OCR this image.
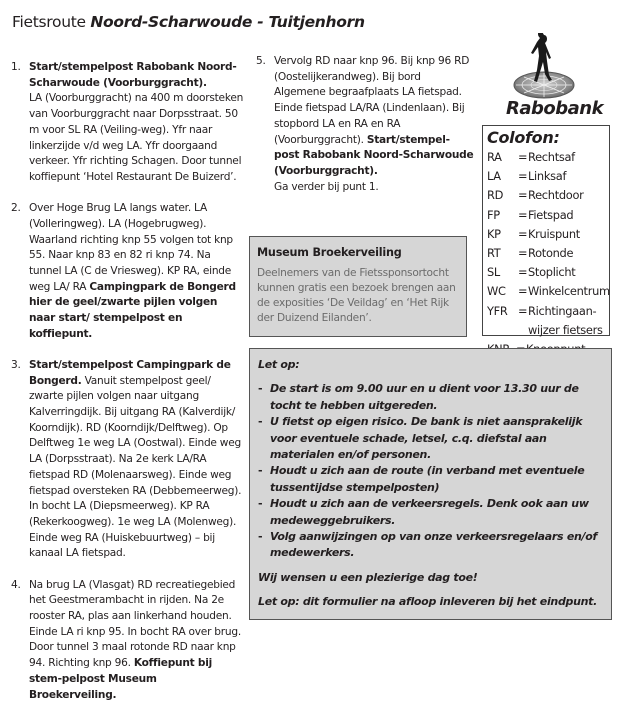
Fietsroute Noord-Scharwoude - Tuitjenhorn
1. Start/stempelpost Rabobank Noord-Scharwoude (Voorburggracht).
LA (Voorburggracht) na 400 m doorsteken van Voorburggracht naar Dorpsstraat. 50 m voor SL RA (Veiling-weg). Yfr naar linkerzijde v/d weg LA. Yfr doorgaand verkeer. Yfr richting Schagen. Door tunnel koffiepunt ‘Hotel Restaurant De Buizerd’.
2. Over Hoge Brug LA langs water. LA (Volleringweg). LA (Hogebrugweg). Waarland richting knp 55 volgen tot knp 55. Naar knp 83 en 82 ri knp 74. Na tunnel LA (C de Vriesweg). KP RA, einde weg LA/ RA Campingpark de Bongerd hier de geel/zwarte pijlen volgen naar start/ stempelpost en koffiepunt.
3. Start/stempelpost Campingpark de Bongerd. Vanuit stempelpost geel/ zwarte pijlen volgen naar uitgang Kalverringdijk. Bij uitgang RA (Kalverdijk/ Koorndijk). RD (Koorndijk/Delftweg). Op Delftweg 1e weg LA (Oostwal). Einde weg LA (Dorpsstraat). Na 2e kerk LA/RA fietspad RD (Molenaarsweg). Einde weg fietspad oversteken RA (Debbemeerweg). In bocht LA (Diepsmeerweg). KP RA (Rekerkoogweg). 1e weg LA (Molenweg). Einde weg RA (Huiskebuurtweg) – bij kanaal LA fietspad.
4. Na brug LA (Vlasgat) RD recreatiegebied het Geestmerambacht in rijden. Na 2e rooster RA, plas aan linkerhand houden. Einde LA ri knp 95. In bocht RA over brug. Door tunnel 3 maal rotonde RD naar knp 94. Richting knp 96. Koffiepunt bij stem-pelpost Museum Broekerveiling.
5. Vervolg RD naar knp 96. Bij knp 96 RD (Oostelijkerandweg). Bij bord Algemene begraafplaats LA fietspad. Einde fietspad LA/RA (Lindenlaan). Bij stopbord LA en RA en RA (Voorburggracht). Start/stempel-post Rabobank Noord-Scharwoude (Voorburggracht).
Ga verder bij punt 1.
Rabobank
Colofon:
RA	= Rechtsaf
LA	= Linksaf
RD	= Rechtdoor
FP	= Fietspad
KP	= Kruispunt
RT	= Rotonde
SL	= Stoplicht
WC	= Winkelcentrum
YFR = Richtingaan-
wijzer fietsers
Museum Broekerveiling

Deelnemers van de Fietssponsortocht kunnen gratis een bezoek brengen aan de exposities ‘De Veildag’ en ‘Het Rijk der Duizend Eilanden’.

Let op:
- De start is om 9.00 uur en u dient voor 13.30 uur de tocht te hebben uitgereden.
- U fietst op eigen risico. De bank is niet aansprakelijk voor eventuele schade, letsel, c.q. diefstal aan materialen en/of personen.
- Houdt u zich aan de route (in verband met eventuele tussentijdse stempelposten)
- Houdt u zich aan de verkeersregels. Denk ook aan uw medeweggebruikers.
- Volg aanwijzingen op van onze verkeersregelaars en/of medewerkers.
Wij wensen u een plezierige dag toe!
Let op: dit formulier na afloop inleveren bij het eindpunt.
